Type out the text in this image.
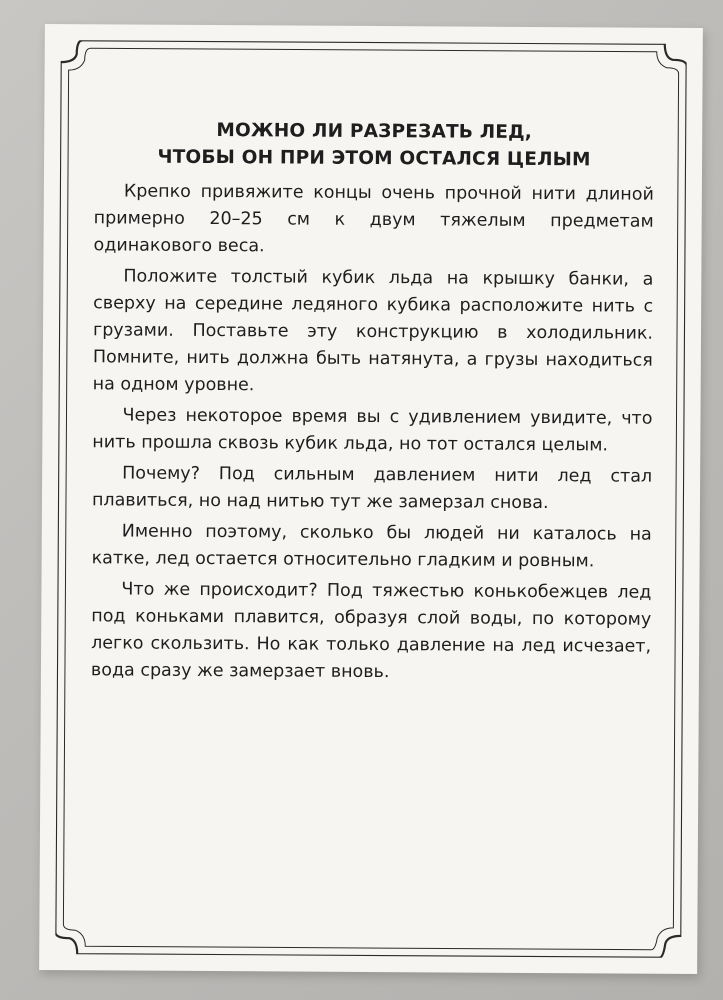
МОЖНО ЛИ РАЗРЕЗАТЬ ЛЕД,
ЧТОБЫ ОН ПРИ ЭТОМ ОСТАЛСЯ ЦЕЛЫМ

Крепко привяжите концы очень прочной нити длиной примерно 20–25 см к двум тяжелым предметам одинакового веса.

Положите толстый кубик льда на крышку банки, а сверху на середине ледяного кубика расположите нить с грузами. Поставьте эту конструкцию в холодильник. Помните, нить должна быть натянута, а грузы находиться на одном уровне.

Через некоторое время вы с удивлением увидите, что нить прошла сквозь кубик льда, но тот остался целым.

Почему? Под сильным давлением нити лед стал плавиться, но над нитью тут же замерзал снова.

Именно поэтому, сколько бы людей ни каталось на катке, лед остается относительно гладким и ровным.

Что же происходит? Под тяжестью конькобежцев лед под коньками плавится, образуя слой воды, по которому легко скользить. Но как только давление на лед исчезает, вода сразу же замерзает вновь.
